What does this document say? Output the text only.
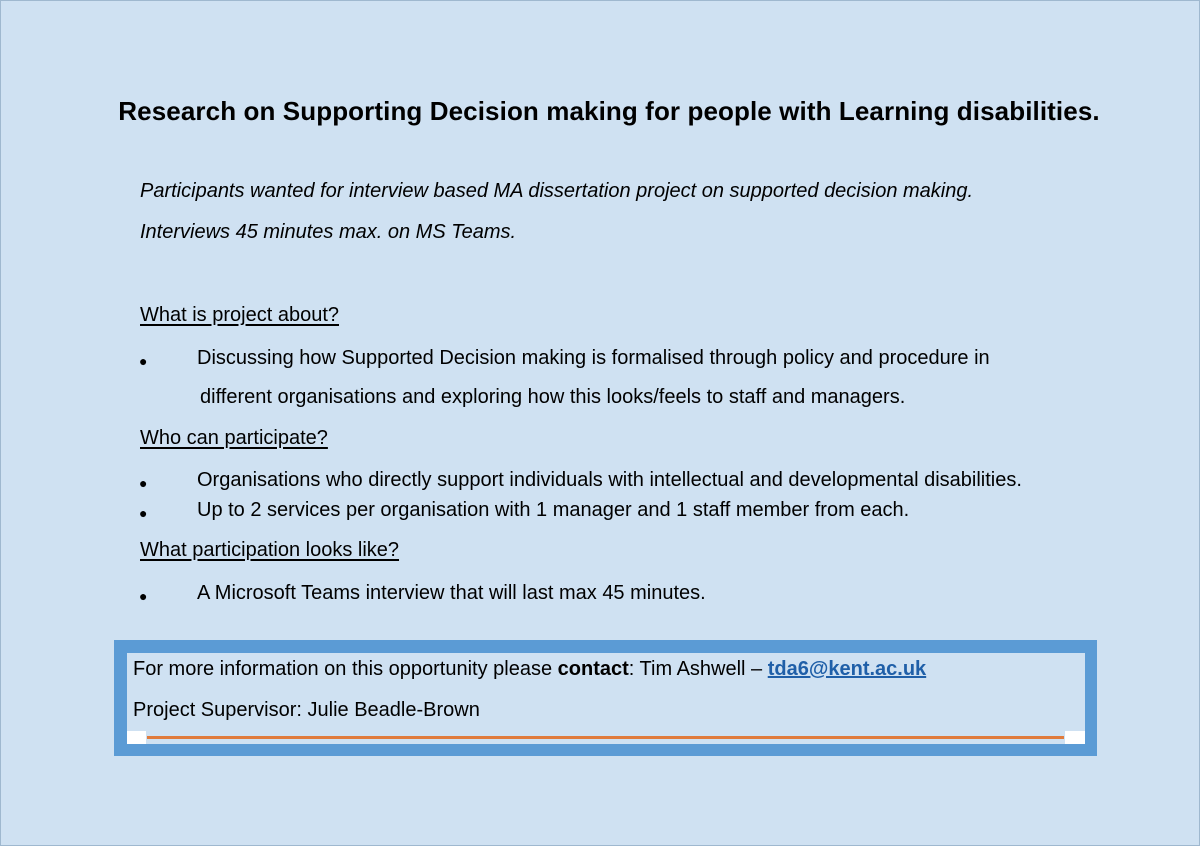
Research on Supporting Decision making for people with Learning disabilities.
Participants wanted for interview based MA dissertation project on supported decision making.
Interviews 45 minutes max. on MS Teams.
What is project about?
● Discussing how Supported Decision making is formalised through policy and procedure in
different organisations and exploring how this looks/feels to staff and managers.
Who can participate?
● Organisations who directly support individuals with intellectual and developmental disabilities.
● Up to 2 services per organisation with 1 manager and 1 staff member from each.
What participation looks like?
● A Microsoft Teams interview that will last max 45 minutes.
For more information on this opportunity please contact: Tim Ashwell – tda6@kent.ac.uk
Project Supervisor: Julie Beadle-Brown
